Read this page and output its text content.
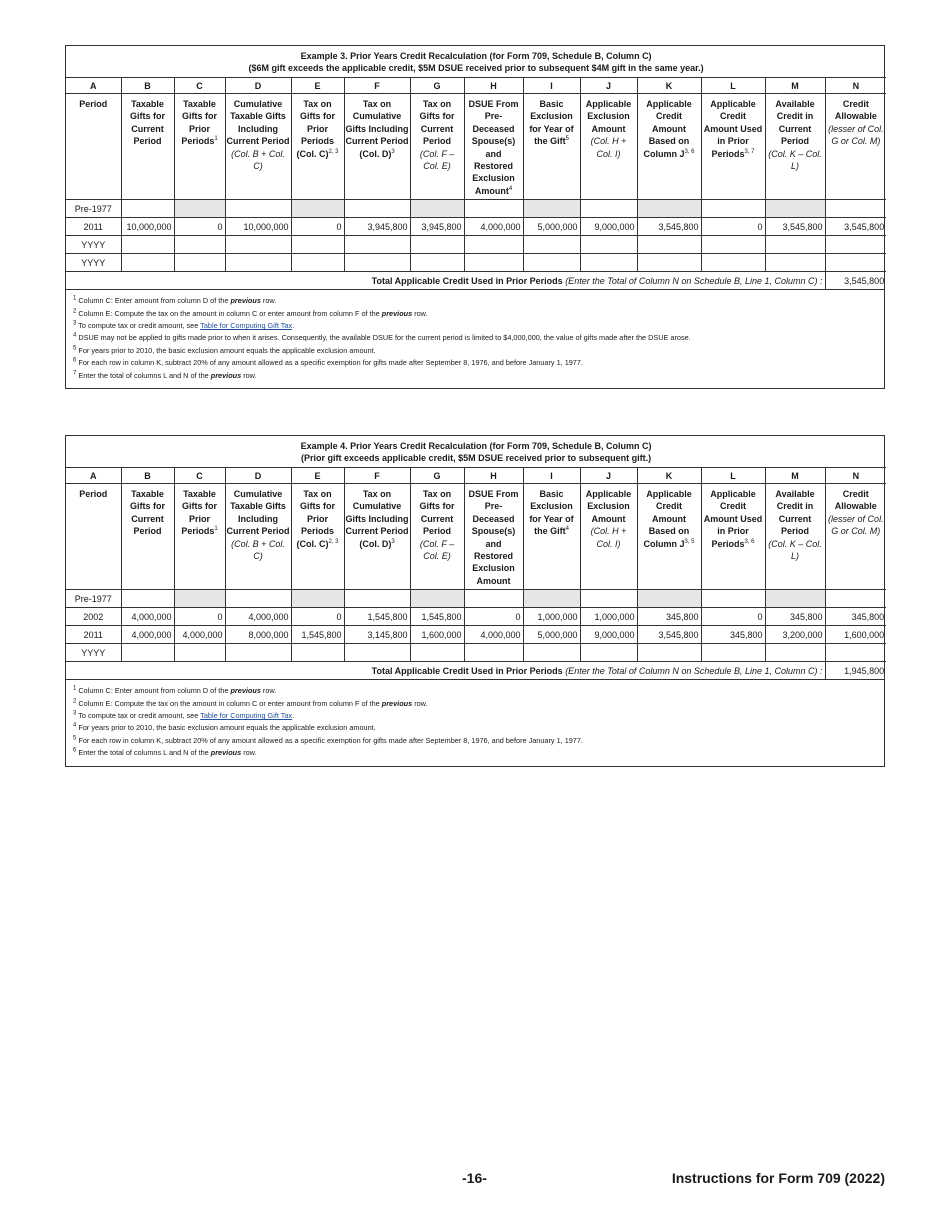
Example 3. Prior Years Credit Recalculation (for Form 709, Schedule B, Column C)
($6M gift exceeds the applicable credit, $5M DSUE received prior to subsequent $4M gift in the same year.)													

A	B	C	D	E	F	G	H	I	J	K	L	M	N
Period	Taxable Gifts for Current Period	Taxable Gifts for Prior Periods$^1$	Cumulative Taxable Gifts Including Current Period
(Col. B + Col. C)	Tax on Gifts for Prior Periods (Col. C)$^{2, 3}$	Tax on Cumulative Gifts Including Current Period (Col. D)$^3$	Tax on Gifts for Current Period
(Col. F – Col. E)	DSUE From Pre-Deceased Spouse(s) and Restored Exclusion Amount$^4$	Basic Exclusion for Year of the Gift$^5$	Applicable Exclusion Amount
(Col. H + Col. I)	Applicable Credit Amount Based on Column J$^{3, 6}$	Applicable Credit Amount Used in Prior Periods$^{3, 7}$	Available Credit in Current Period
(Col. K – Col. L)	Credit Allowable
(lesser of Col. G or Col. M)

Pre-1977													
2011	10,000,000	0	10,000,000	0	3,945,800	3,945,800	4,000,000	5,000,000	9,000,000	3,545,800	0	3,545,800	3,545,800
YYYY													
YYYY													
Total Applicable Credit Used in Prior Periods (Enter the Total of Column N on Schedule B, Line 1, Column C) :													3,545,800
$^1$ Column C: Enter amount from column D of the previous row.
$^2$ Column E: Compute the tax on the amount in column C or enter amount from column F of the previous row.
$^3$ To compute tax or credit amount, see Table for Computing Gift Tax.
$^4$ DSUE may not be applied to gifts made prior to when it arises. Consequently, the available DSUE for the current period is limited to $4,000,000, the value of gifts made after the DSUE arose.
$^5$ For years prior to 2010, the basic exclusion amount equals the applicable exclusion amount.
$^6$ For each row in column K, subtract 20% of any amount allowed as a specific exemption for gifts made after September 8, 1976, and before January 1, 1977.
$^7$ Enter the total of columns L and N of the previous row.
Example 4. Prior Years Credit Recalculation (for Form 709, Schedule B, Column C)
(Prior gift exceeds applicable credit, $5M DSUE received prior to subsequent gift.)													

A	B	C	D	E	F	G	H	I	J	K	L	M	N
Period	Taxable Gifts for Current Period	Taxable Gifts for Prior Periods$^1$	Cumulative Taxable Gifts Including Current Period
(Col. B + Col. C)	Tax on Gifts for Prior Periods (Col. C)$^{2, 3}$	Tax on Cumulative Gifts Including Current Period (Col. D)$^3$	Tax on Gifts for Current Period
(Col. F – Col. E)	DSUE From Pre-Deceased Spouse(s) and Restored Exclusion Amount	Basic Exclusion for Year of the Gift$^4$	Applicable Exclusion Amount
(Col. H + Col. I)	Applicable Credit Amount Based on Column J$^{3, 5}$	Applicable Credit Amount Used in Prior Periods$^{3, 6}$	Available Credit in Current Period
(Col. K – Col. L)	Credit Allowable
(lesser of Col. G or Col. M)

Pre-1977													
2002	4,000,000	0	4,000,000	0	1,545,800	1,545,800	0	1,000,000	1,000,000	345,800	0	345,800	345,800
2011	4,000,000	4,000,000	8,000,000	1,545,800	3,145,800	1,600,000	4,000,000	5,000,000	9,000,000	3,545,800	345,800	3,200,000	1,600,000
YYYY													
Total Applicable Credit Used in Prior Periods (Enter the Total of Column N on Schedule B, Line 1, Column C) :													1,945,800
$^1$ Column C: Enter amount from column D of the previous row.
$^2$ Column E: Compute the tax on the amount in column C or enter amount from column F of the previous row.
$^3$ To compute tax or credit amount, see Table for Computing Gift Tax.
$^4$ For years prior to 2010, the basic exclusion amount equals the applicable exclusion amount.
$^5$ For each row in column K, subtract 20% of any amount allowed as a specific exemption for gifts made after September 8, 1976, and before January 1, 1977.
$^6$ Enter the total of columns L and N of the previous row.
-16-	Instructions for Form 709 (2022)
